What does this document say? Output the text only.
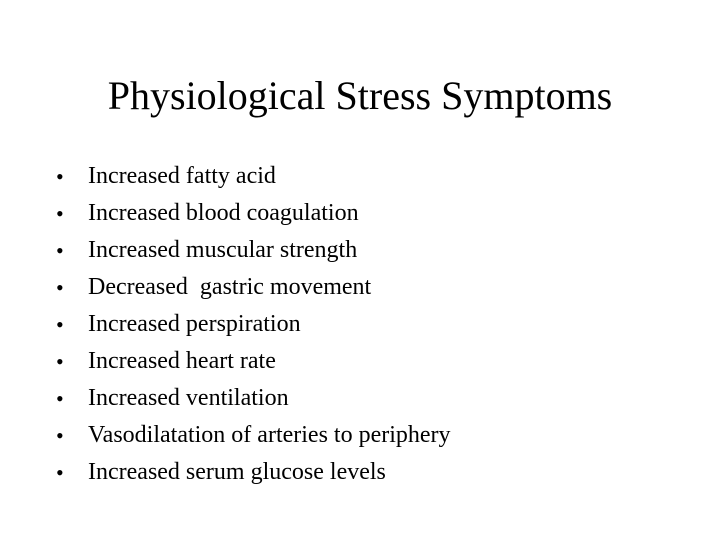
Physiological Stress Symptoms
•	Increased fatty acid
•	Increased blood coagulation
•	Increased muscular strength
•	Decreased  gastric movement
•	Increased perspiration
•	Increased heart rate
•	Increased ventilation
•	Vasodilatation of arteries to periphery
•	Increased serum glucose levels
